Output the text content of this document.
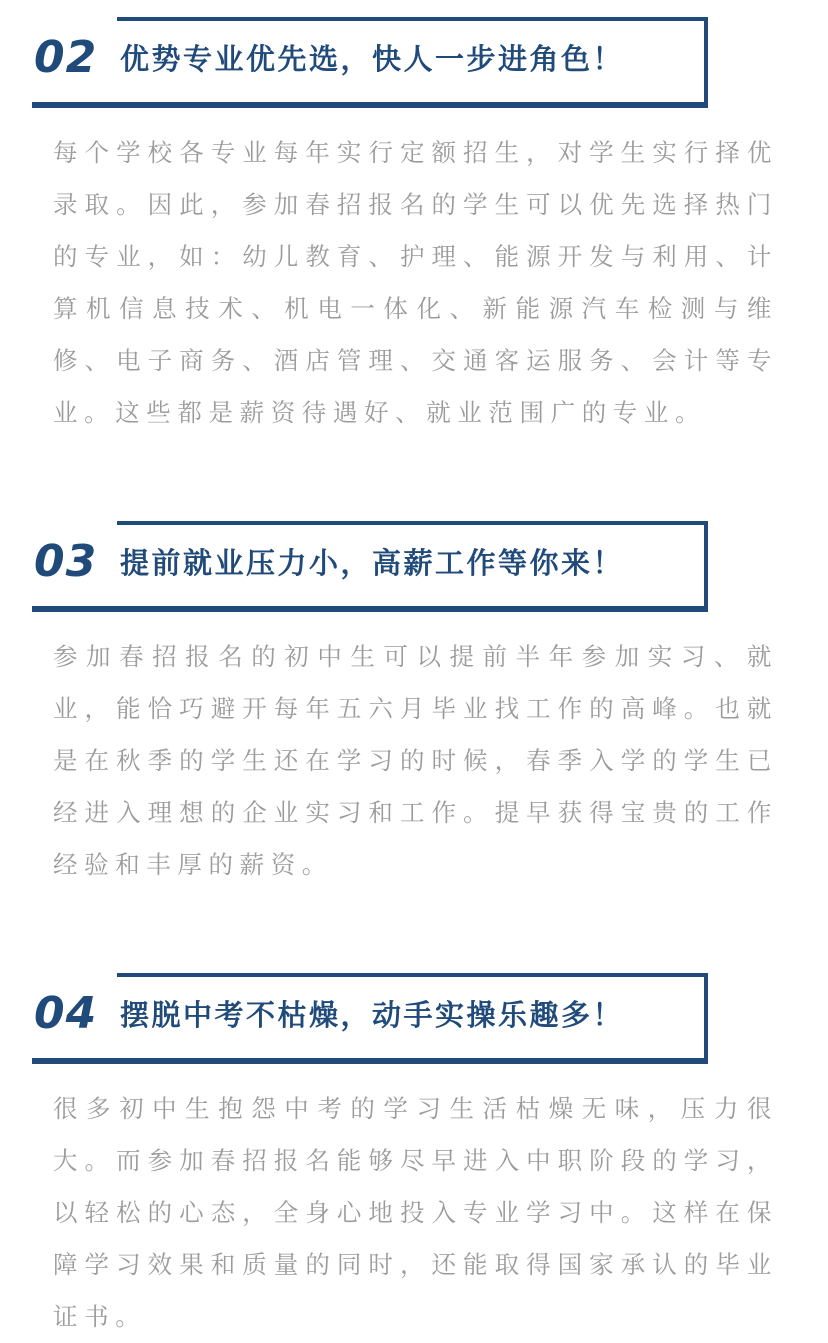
02 优势专业优先选，快人一步进角色！

每个学校各专业每年实行定额招生，对学生实行择优录取。因此，参加春招报名的学生可以优先选择热门的专业，如：幼儿教育、护理、能源开发与利用、计算机信息技术、机电一体化、新能源汽车检测与维修、电子商务、酒店管理、交通客运服务、会计等专业。这些都是薪资待遇好、就业范围广的专业。

03 提前就业压力小，高薪工作等你来！

参加春招报名的初中生可以提前半年参加实习、就业，能恰巧避开每年五六月毕业找工作的高峰。也就是在秋季的学生还在学习的时候，春季入学的学生已经进入理想的企业实习和工作。提早获得宝贵的工作经验和丰厚的薪资。

04 摆脱中考不枯燥，动手实操乐趣多！

很多初中生抱怨中考的学习生活枯燥无味，压力很大。而参加春招报名能够尽早进入中职阶段的学习，以轻松的心态，全身心地投入专业学习中。这样在保障学习效果和质量的同时，还能取得国家承认的毕业证书。
